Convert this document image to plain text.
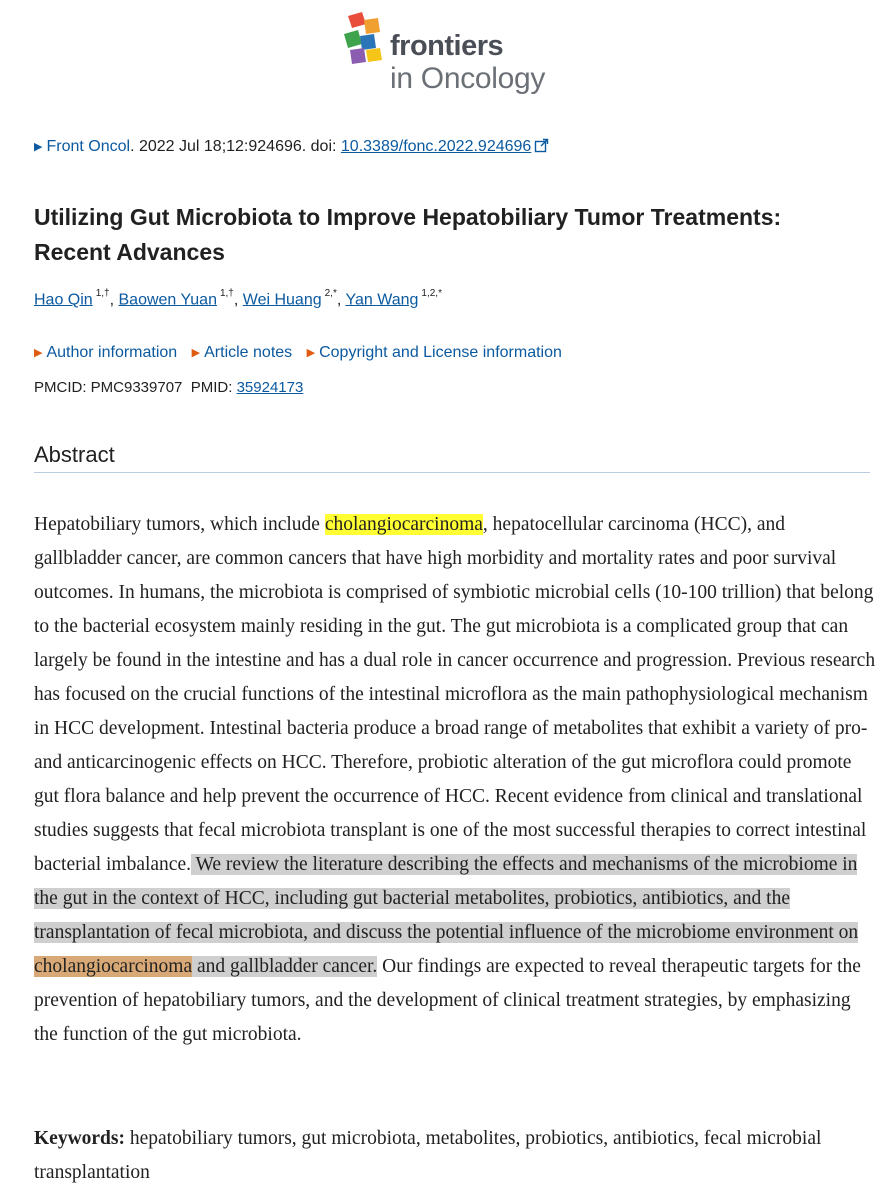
frontiers
in Oncology
▶ Front Oncol. 2022 Jul 18;12:924696. doi: 10.3389/fonc.2022.924696
Utilizing Gut Microbiota to Improve Hepatobiliary Tumor Treatments: Recent Advances
Hao Qin $^{1,\dagger}$, Baowen Yuan $^{1,\dagger}$, Wei Huang $^{2,*}$, Yan Wang $^{1,2,*}$
▶ Author information ▶ Article notes ▶ Copyright and License information
PMCID: PMC9339707 PMID: 35924173
Abstract

Hepatobiliary tumors, which include cholangiocarcinoma, hepatocellular carcinoma (HCC), and gallbladder cancer, are common cancers that have high morbidity and mortality rates and poor survival outcomes. In humans, the microbiota is comprised of symbiotic microbial cells (10-100 trillion) that belong to the bacterial ecosystem mainly residing in the gut. The gut microbiota is a complicated group that can largely be found in the intestine and has a dual role in cancer occurrence and progression. Previous research has focused on the crucial functions of the intestinal microflora as the main pathophysiological mechanism in HCC development. Intestinal bacteria produce a broad range of metabolites that exhibit a variety of pro- and anticarcinogenic effects on HCC. Therefore, probiotic alteration of the gut microflora could promote gut flora balance and help prevent the occurrence of HCC. Recent evidence from clinical and translational studies suggests that fecal microbiota transplant is one of the most successful therapies to correct intestinal bacterial imbalance. We review the literature describing the effects and mechanisms of the microbiome in the gut in the context of HCC, including gut bacterial metabolites, probiotics, antibiotics, and the transplantation of fecal microbiota, and discuss the potential influence of the microbiome environment on cholangiocarcinoma and gallbladder cancer. Our findings are expected to reveal therapeutic targets for the prevention of hepatobiliary tumors, and the development of clinical treatment strategies, by emphasizing the function of the gut microbiota.

Keywords: hepatobiliary tumors, gut microbiota, metabolites, probiotics, antibiotics, fecal microbial transplantation
